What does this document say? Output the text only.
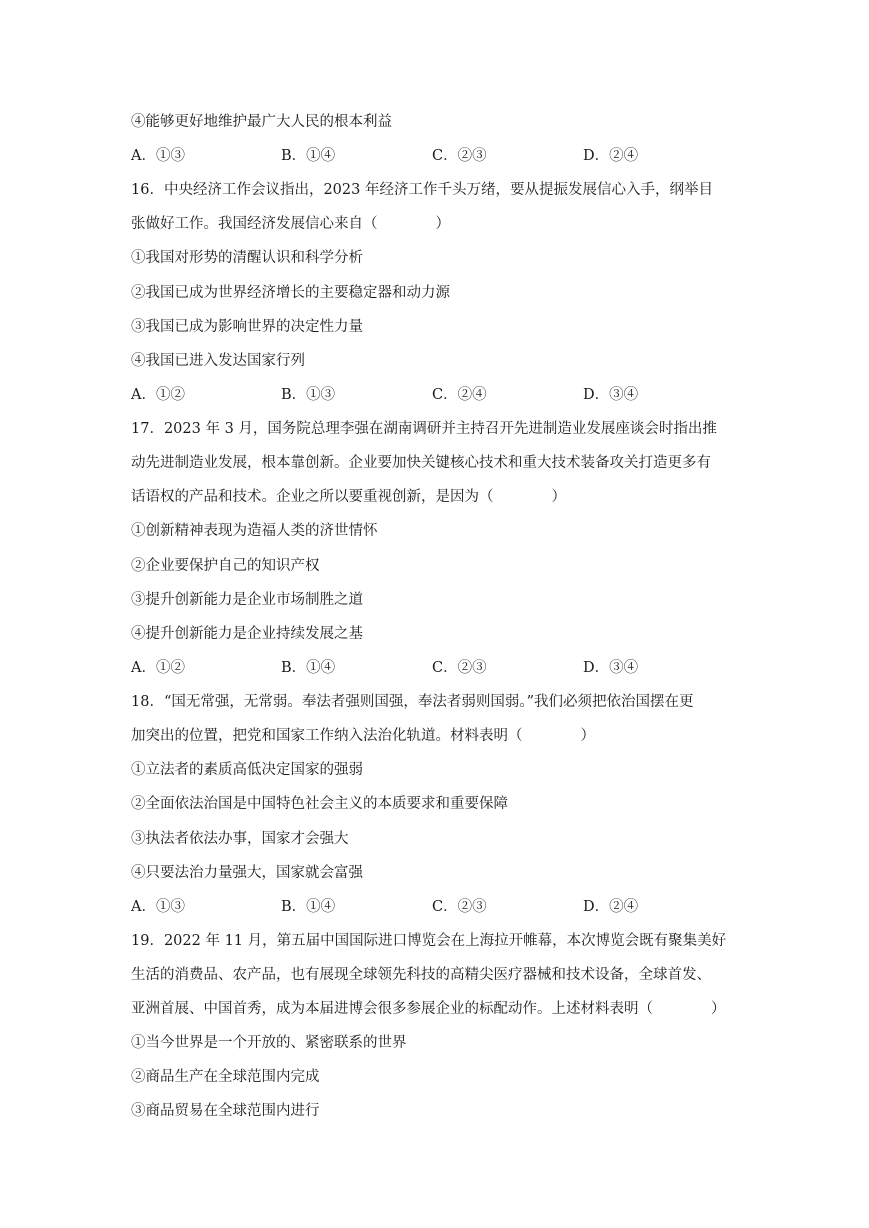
④能够更好地维护最广大人民的根本利益
A．①③	B．①④	C．②③	D．②④
16．中央经济工作会议指出，2023 年经济工作千头万绪，要从提振发展信心入手，纲举目
张做好工作。我国经济发展信心来自（　　　　）
①我国对形势的清醒认识和科学分析
②我国已成为世界经济增长的主要稳定器和动力源
③我国已成为影响世界的决定性力量
④我国已进入发达国家行列
A．①②	B．①③	C．②④	D．③④
17．2023 年 3 月，国务院总理李强在湖南调研并主持召开先进制造业发展座谈会时指出推
动先进制造业发展，根本靠创新。企业要加快关键核心技术和重大技术装备攻关打造更多有
话语权的产品和技术。企业之所以要重视创新，是因为（　　　　）
①创新精神表现为造福人类的济世情怀
②企业要保护自己的知识产权
③提升创新能力是企业市场制胜之道
④提升创新能力是企业持续发展之基
A．①②	B．①④	C．②③	D．③④
18．“国无常强，无常弱。奉法者强则国强，奉法者弱则国弱。”我们必须把依治国摆在更
加突出的位置，把党和国家工作纳入法治化轨道。材料表明（　　　　）
①立法者的素质高低决定国家的强弱
②全面依法治国是中国特色社会主义的本质要求和重要保障
③执法者依法办事，国家才会强大
④只要法治力量强大，国家就会富强
A．①③	B．①④	C．②③	D．②④
19．2022 年 11 月，第五届中国国际进口博览会在上海拉开帷幕，本次博览会既有聚集美好
生活的消费品、农产品，也有展现全球领先科技的高精尖医疗器械和技术设备，全球首发、
亚洲首展、中国首秀，成为本届进博会很多参展企业的标配动作。上述材料表明（　　　　）
①当今世界是一个开放的、紧密联系的世界
②商品生产在全球范围内完成
③商品贸易在全球范围内进行
